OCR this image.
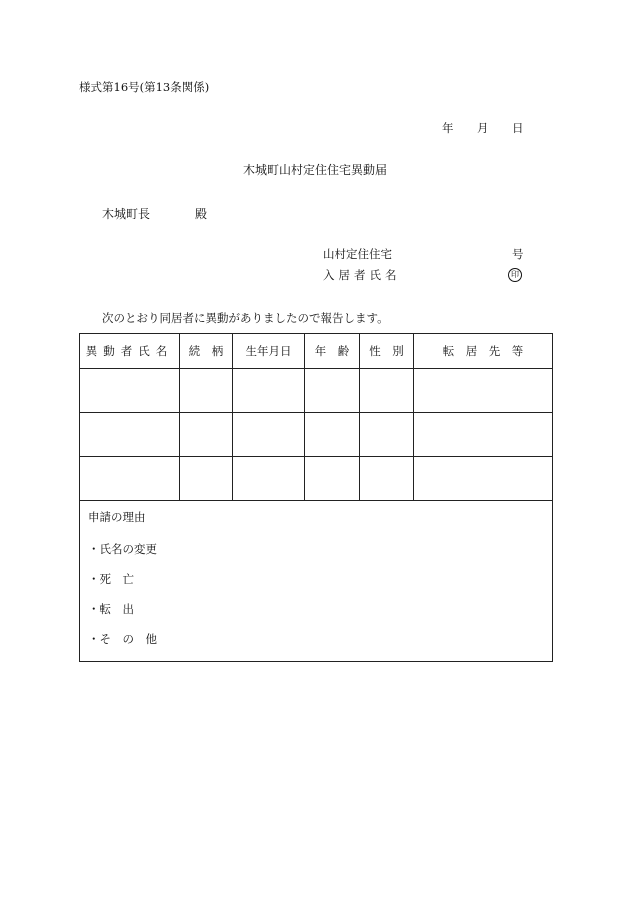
様式第16号(第13条関係)
年 月 日
木城町山村定住住宅異動届
木城町長	殿
山村定住住宅	号
入居者氏名	印
次のとおり同居者に異動がありましたので報告します。
異動者氏名	続　柄	生年月日	年　齢	性　別	転　居　先　等

申請の理由
・氏名の変更
・死　亡
・転　出
・そ　の　他					
